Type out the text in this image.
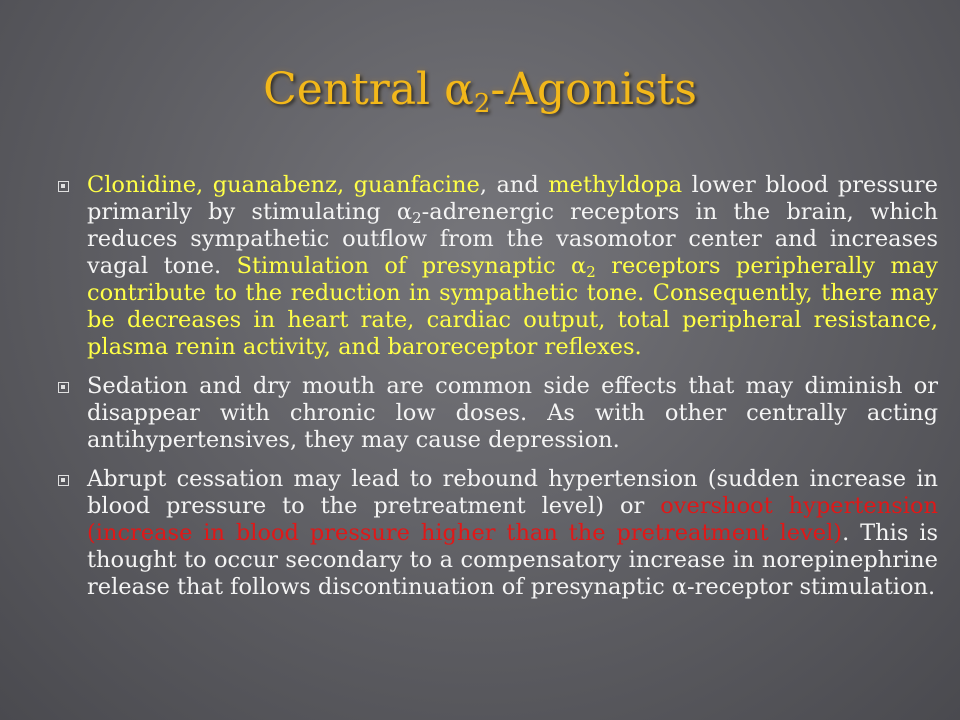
Central $\alpha_2$-Agonists

Clonidine, guanabenz, guanfacine, and methyldopa lower blood pressure primarily by stimulating $\alpha_2$-adrenergic receptors in the brain, which reduces sympathetic outflow from the vasomotor center and increases vagal tone. Stimulation of presynaptic $\alpha_2$ receptors peripherally may contribute to the reduction in sympathetic tone. Consequently, there may be decreases in heart rate, cardiac output, total peripheral resistance, plasma renin activity, and baroreceptor reflexes.

Sedation and dry mouth are common side effects that may diminish or disappear with chronic low doses. As with other centrally acting antihypertensives, they may cause depression.

Abrupt cessation may lead to rebound hypertension (sudden increase in blood pressure to the pretreatment level) or overshoot hypertension (increase in blood pressure higher than the pretreatment level). This is thought to occur secondary to a compensatory increase in norepinephrine release that follows discontinuation of presynaptic α-receptor stimulation.
